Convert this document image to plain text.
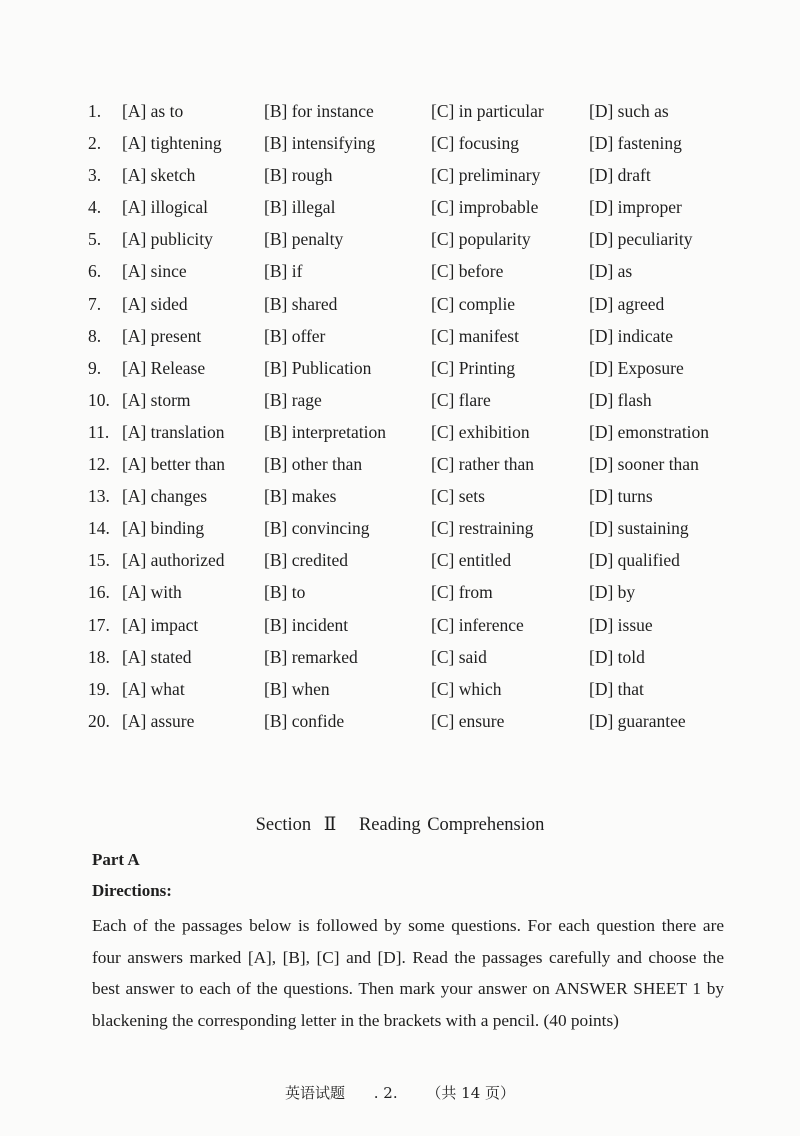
1.	[A] as to	[B] for instance	[C] in particular	[D] such as
2.	[A] tightening	[B] intensifying	[C] focusing	[D] fastening
3.	[A] sketch	[B] rough	[C] preliminary	[D] draft
4.	[A] illogical	[B] illegal	[C] improbable	[D] improper
5.	[A] publicity	[B] penalty	[C] popularity	[D] peculiarity
6.	[A] since	[B] if	[C] before	[D] as
7.	[A] sided	[B] shared	[C] complie	[D] agreed
8.	[A] present	[B] offer	[C] manifest	[D] indicate
9.	[A] Release	[B] Publication	[C] Printing	[D] Exposure
10. [A] storm	[B] rage	[C] flare	[D] flash
11. [A] translation	[B] interpretation	[C] exhibition	[D] emonstration
12. [A] better than	[B] other than	[C] rather than	[D] sooner than
13. [A] changes	[B] makes	[C] sets	[D] turns
14. [A] binding	[B] convincing	[C] restraining	[D] sustaining
15. [A] authorized	[B] credited	[C] entitled	[D] qualified
16. [A] with	[B] to	[C] from	[D] by
17. [A] impact	[B] incident	[C] inference	[D] issue
18. [A] stated	[B] remarked	[C] said	[D] told
19. [A] what	[B] when	[C] which	[D] that
20. [A] assure	[B] confide	[C] ensure	[D] guarantee
Section Ⅱ Reading Comprehension
Part A
Directions:
Each of the passages below is followed by some questions. For each question there are four answers marked [A], [B], [C] and [D]. Read the passages carefully and choose the best answer to each of the questions. Then mark your answer on ANSWER SHEET 1 by blackening the corresponding letter in the brackets with a pencil. (40 points)
英语试题 . 2. （共 14 页）
